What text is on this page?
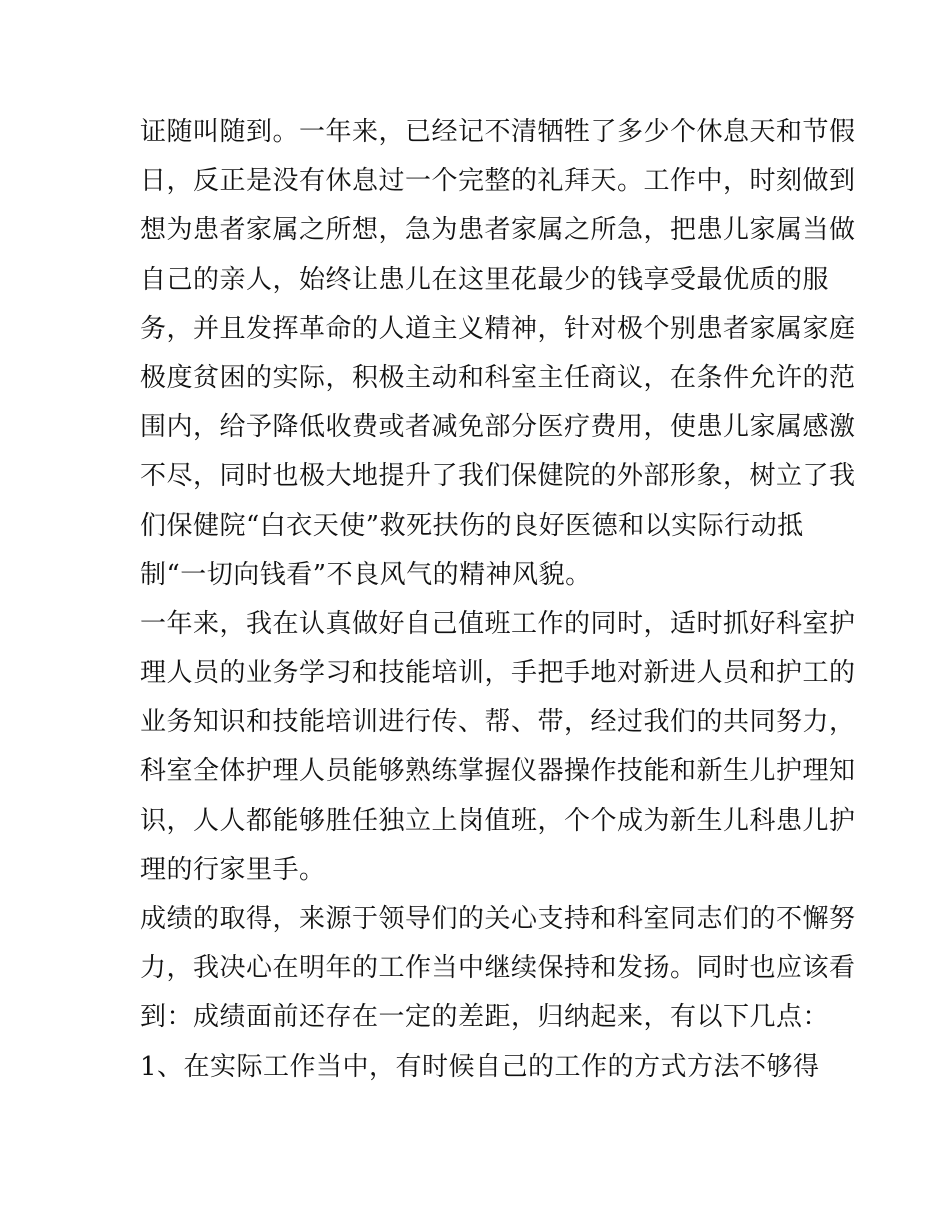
证随叫随到。一年来，已经记不清牺牲了多少个休息天和节假

日，反正是没有休息过一个完整的礼拜天。工作中，时刻做到

想为患者家属之所想，急为患者家属之所急，把患儿家属当做

自己的亲人，始终让患儿在这里花最少的钱享受最优质的服

务，并且发挥革命的人道主义精神，针对极个别患者家属家庭

极度贫困的实际，积极主动和科室主任商议，在条件允许的范

围内，给予降低收费或者减免部分医疗费用，使患儿家属感激

不尽，同时也极大地提升了我们保健院的外部形象，树立了我

们保健院“白衣天使”救死扶伤的良好医德和以实际行动抵

制“一切向钱看”不良风气的精神风貌。

一年来，我在认真做好自己值班工作的同时，适时抓好科室护

理人员的业务学习和技能培训，手把手地对新进人员和护工的

业务知识和技能培训进行传、帮、带，经过我们的共同努力，

科室全体护理人员能够熟练掌握仪器操作技能和新生儿护理知

识，人人都能够胜任独立上岗值班，个个成为新生儿科患儿护

理的行家里手。

成绩的取得，来源于领导们的关心支持和科室同志们的不懈努

力，我决心在明年的工作当中继续保持和发扬。同时也应该看

到：成绩面前还存在一定的差距，归纳起来，有以下几点：

1、在实际工作当中，有时候自己的工作的方式方法不够得
